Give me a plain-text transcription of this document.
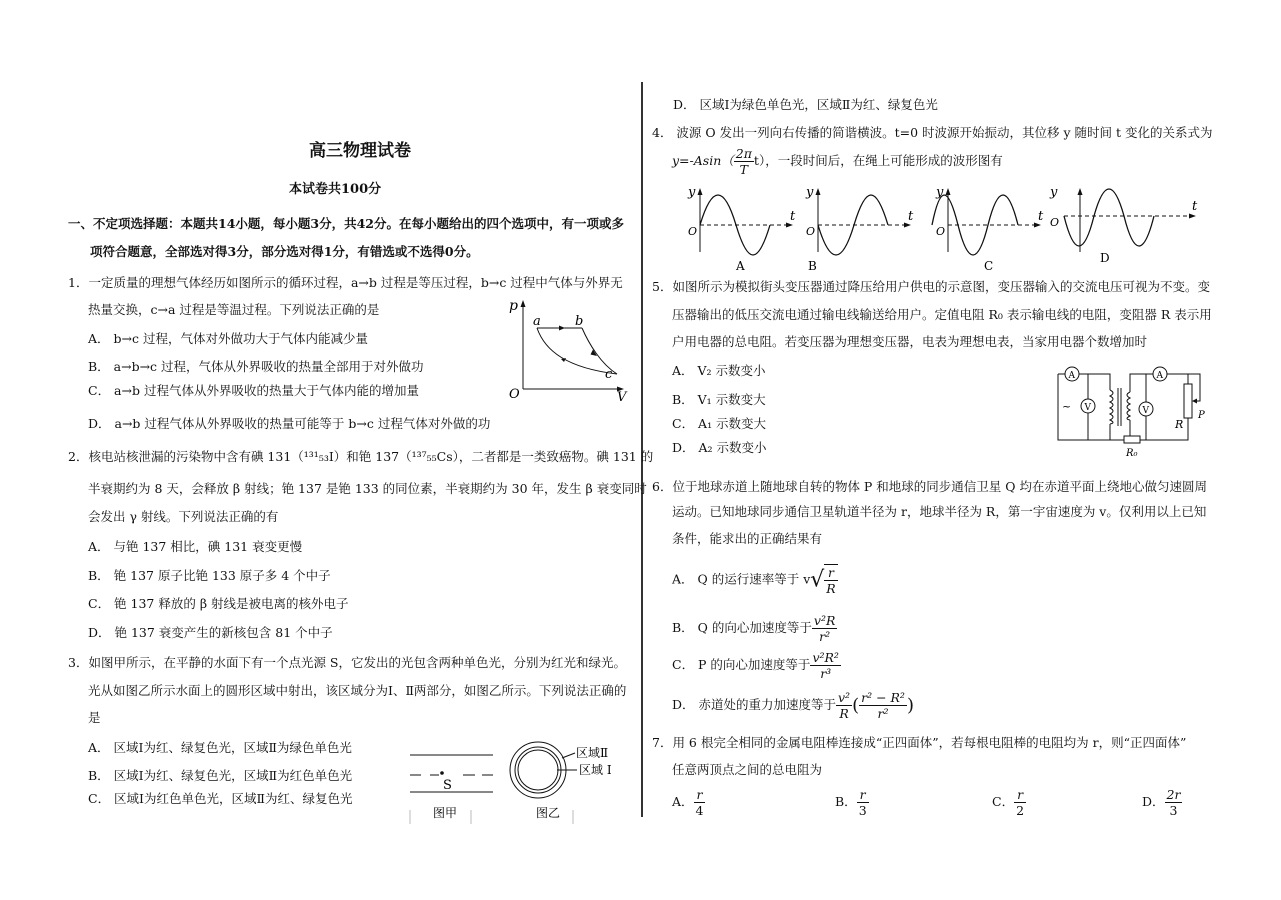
高三物理试卷
本试卷共100分
一、不定项选择题：本题共14小题，每小题3分，共42分。在每小题给出的四个选项中，有一项或多
项符合题意，全部选对得3分，部分选对得1分，有错选或不选得0分。
1．一定质量的理想气体经历如图所示的循环过程，a→b 过程是等压过程，b→c 过程中气体与外界无
热量交换，c→a 过程是等温过程。下列说法正确的是
A． b→c 过程，气体对外做功大于气体内能减少量
B． a→b→c 过程，气体从外界吸收的热量全部用于对外做功
C． a→b 过程气体从外界吸收的热量大于气体内能的增加量
D． a→b 过程气体从外界吸收的热量可能等于 b→c 过程气体对外做的功
p
V
O
a	b
c
2．核电站核泄漏的污染物中含有碘 131（¹³¹₅₃I）和铯 137（¹³⁷₅₅Cs），二者都是一类致癌物。碘 131 的
半衰期约为 8 天，会释放 β 射线；铯 137 是铯 133 的同位素，半衰期约为 30 年，发生 β 衰变同时
会发出 γ 射线。下列说法正确的有
A． 与铯 137 相比，碘 131 衰变更慢
B． 铯 137 原子比铯 133 原子多 4 个中子
C． 铯 137 释放的 β 射线是被电离的核外电子
D． 铯 137 衰变产生的新核包含 81 个中子
3．如图甲所示，在平静的水面下有一个点光源 S，它发出的光包含两种单色光，分别为红光和绿光。
光从如图乙所示水面上的圆形区域中射出，该区域分为Ⅰ、Ⅱ两部分，如图乙所示。下列说法正确的
是
A． 区域Ⅰ为红、绿复色光，区域Ⅱ为绿色单色光
B． 区域Ⅰ为红、绿复色光，区域Ⅱ为红色单色光
C． 区域Ⅰ为红色单色光，区域Ⅱ为红、绿复色光
S
图甲
区域Ⅱ
区域 Ⅰ
图乙
D． 区域Ⅰ为绿色单色光，区域Ⅱ为红、绿复色光
4． 波源 O 发出一列向右传播的简谐横波。t=0 时波源开始振动，其位移 y 随时间 t 变化的关系式为
$y=-Asin( \frac{2\pi}{T} t)$，一段时间后，在绳上可能形成的波形图有
y
t
O
A
y
t
O
B
y
t
O
C
y
t
O
D
5．如图所示为模拟街头变压器通过降压给用户供电的示意图，变压器输入的交流电压可视为不变。变
压器输出的低压交流电通过输电线输送给用户。定值电阻 R₀ 表示输电线的电阻，变阻器 R 表示用
户用电器的总电阻。若变压器为理想变压器，电表为理想电表，当家用电器个数增加时
A． V₂ 示数变小
B． V₁ 示数变大
C． A₁ 示数变大
D． A₂ 示数变小
A
~ V
A
V	P
R
R₀
6．位于地球赤道上随地球自转的物体 P 和地球的同步通信卫星 Q 均在赤道平面上绕地心做匀速圆周
运动。已知地球同步通信卫星轨道半径为 r，地球半径为 R，第一宇宙速度为 v。仅利用以上已知
条件，能求出的正确结果有
A． Q 的运行速率等于 $v√ \frac{r}{R}$
B． Q 的向心加速度等于 $\frac{\text{v²R}}{\text{r²}}$
C． P 的向心加速度等于 $\frac{\text{v²R²}}{\text{r³}}$
D． 赤道处的重力加速度等于 $\frac{\text{v²}}{R}$ ( $\frac{\text{r² − R²}}{\text{r²}}$ )
7．用 6 根完全相同的金属电阻棒连接成“正四面体”，若每根电阻棒的电阻均为 r，则“正四面体”
任意两顶点之间的总电阻为
A． $\frac{r}{4}$	B． $\frac{r}{3}$	C． $\frac{r}{2}$	D． $\frac{2r}{3}$
